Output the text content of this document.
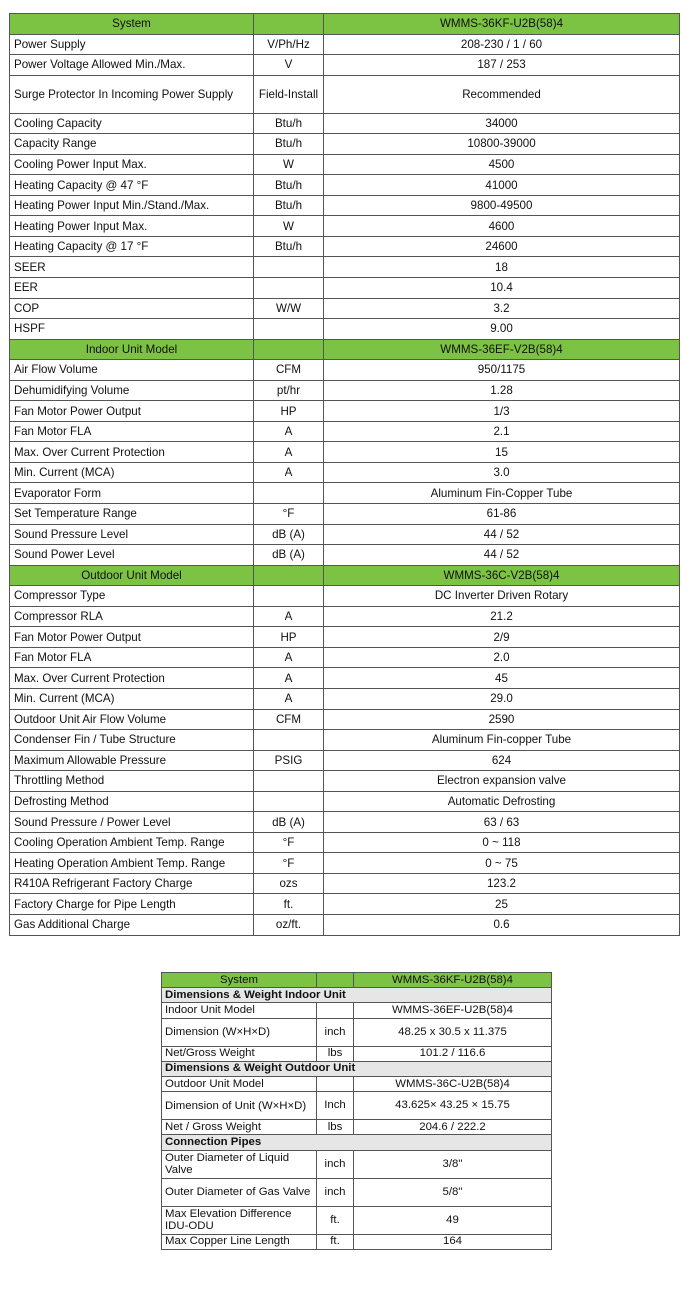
System		WMMS-36KF-U2B(58)4
Power Supply	V/Ph/Hz	208-230 / 1 / 60
Power Voltage Allowed Min./Max.	V	187 / 253
Surge Protector In Incoming Power Supply	Field-Install	Recommended
Cooling Capacity	Btu/h	34000
Capacity Range	Btu/h	10800-39000
Cooling Power Input Max.	W	4500
Heating Capacity @ 47 °F	Btu/h	41000
Heating Power Input Min./Stand./Max.	Btu/h	9800-49500
Heating Power Input Max.	W	4600
Heating Capacity @ 17 °F	Btu/h	24600
SEER		18
EER		10.4
COP	W/W	3.2
HSPF		9.00
Indoor Unit Model		WMMS-36EF-V2B(58)4
Air Flow Volume	CFM	950/1175
Dehumidifying Volume	pt/hr	1.28
Fan Motor Power Output	HP	1/3
Fan Motor FLA	A	2.1
Max. Over Current Protection	A	15
Min. Current (MCA)	A	3.0
Evaporator Form		Aluminum Fin-Copper Tube
Set Temperature Range	°F	61-86
Sound Pressure Level	dB (A)	44 / 52
Sound Power Level	dB (A)	44 / 52
Outdoor Unit Model		WMMS-36C-V2B(58)4
Compressor Type		DC Inverter Driven Rotary
Compressor RLA	A	21.2
Fan Motor Power Output	HP	2/9
Fan Motor FLA	A	2.0
Max. Over Current Protection	A	45
Min. Current (MCA)	A	29.0
Outdoor Unit Air Flow Volume	CFM	2590
Condenser Fin / Tube Structure		Aluminum Fin-copper Tube
Maximum Allowable Pressure	PSIG	624
Throttling Method		Electron expansion valve
Defrosting Method		Automatic Defrosting
Sound Pressure / Power Level	dB (A)	63 / 63
Cooling Operation Ambient Temp. Range	°F	0 ~ 118
Heating Operation Ambient Temp. Range	°F	0 ~ 75
R410A Refrigerant Factory Charge	ozs	123.2
Factory Charge for Pipe Length	ft.	25
Gas Additional Charge	oz/ft.	0.6
System		WMMS-36KF-U2B(58)4
Dimensions & Weight Indoor Unit		
Indoor Unit Model		WMMS-36EF-U2B(58)4
Dimension (W×H×D)	inch	48.25 x 30.5 x 11.375
Net/Gross Weight	lbs	101.2 / 116.6
Dimensions & Weight Outdoor Unit		
Outdoor Unit Model		WMMS-36C-U2B(58)4
Dimension of Unit (W×H×D)	Inch	43.625× 43.25 × 15.75
Net / Gross Weight	lbs	204.6 / 222.2
Connection Pipes		
Outer Diameter of Liquid Valve	inch	3/8"
Outer Diameter of Gas Valve	inch	5/8"
Max Elevation Difference IDU-ODU	ft.	49
Max Copper Line Length	ft.	164
